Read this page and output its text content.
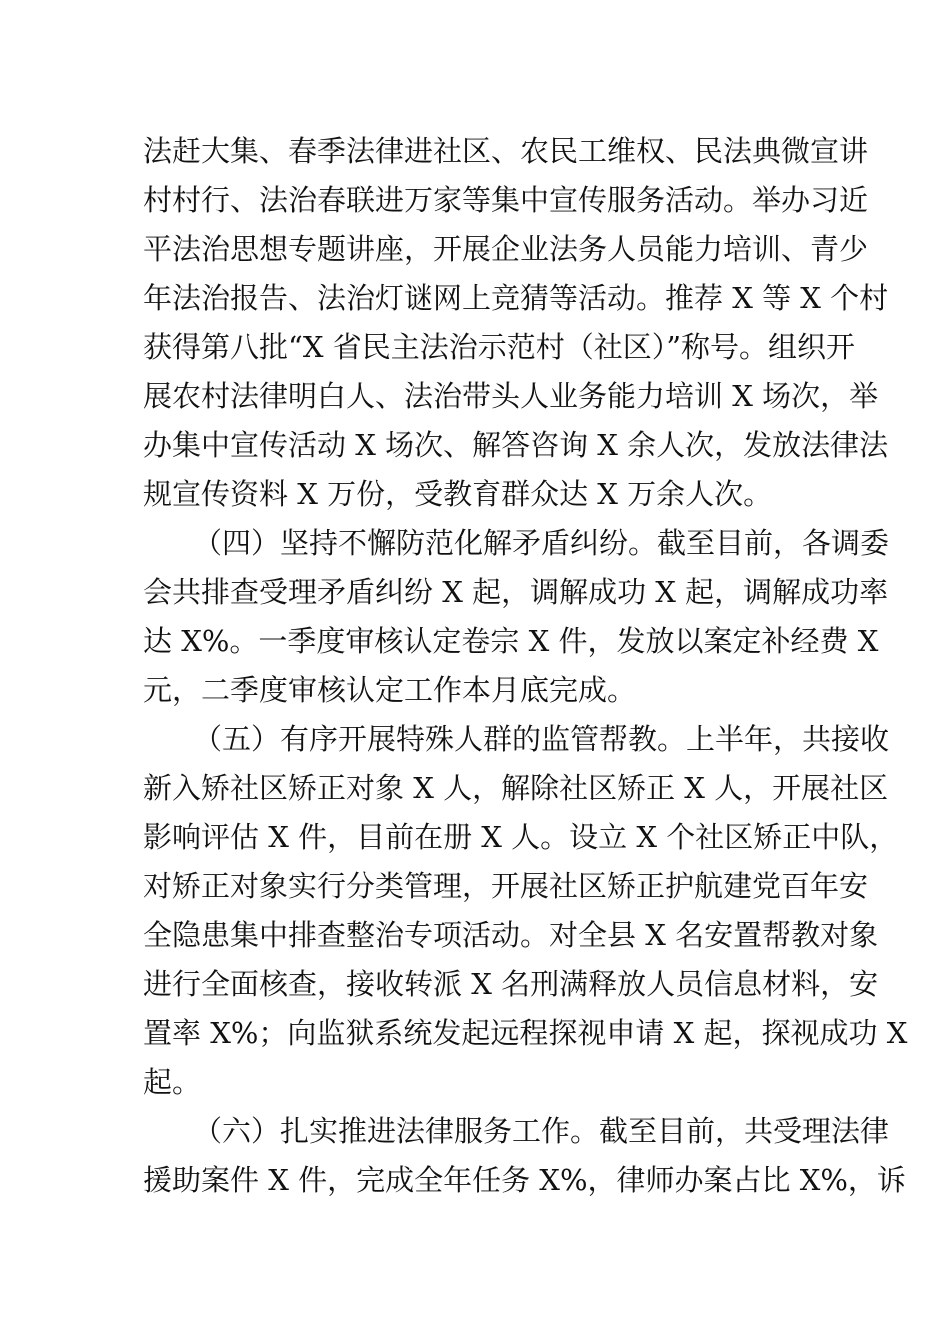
法赶大集、春季法律进社区、农民工维权、民法典微宣讲
村村行、法治春联进万家等集中宣传服务活动。举办习近
平法治思想专题讲座，开展企业法务人员能力培训、青少
年法治报告、法治灯谜网上竞猜等活动。推荐 X 等 X 个村
获得第八批“X 省民主法治示范村（社区）”称号。组织开
展农村法律明白人、法治带头人业务能力培训 X 场次，举
办集中宣传活动 X 场次、解答咨询 X 余人次，发放法律法
规宣传资料 X 万份，受教育群众达 X 万余人次。
（四）坚持不懈防范化解矛盾纠纷。截至目前，各调委
会共排查受理矛盾纠纷 X 起，调解成功 X 起，调解成功率
达 X%。一季度审核认定卷宗 X 件，发放以案定补经费 X
元，二季度审核认定工作本月底完成。
（五）有序开展特殊人群的监管帮教。上半年，共接收
新入矫社区矫正对象 X 人，解除社区矫正 X 人，开展社区
影响评估 X 件，目前在册 X 人。设立 X 个社区矫正中队，
对矫正对象实行分类管理，开展社区矫正护航建党百年安
全隐患集中排查整治专项活动。对全县 X 名安置帮教对象
进行全面核查，接收转派 X 名刑满释放人员信息材料，安
置率 X%；向监狱系统发起远程探视申请 X 起，探视成功 X
起。
（六）扎实推进法律服务工作。截至目前，共受理法律
援助案件 X 件，完成全年任务 X%，律师办案占比 X%，诉
